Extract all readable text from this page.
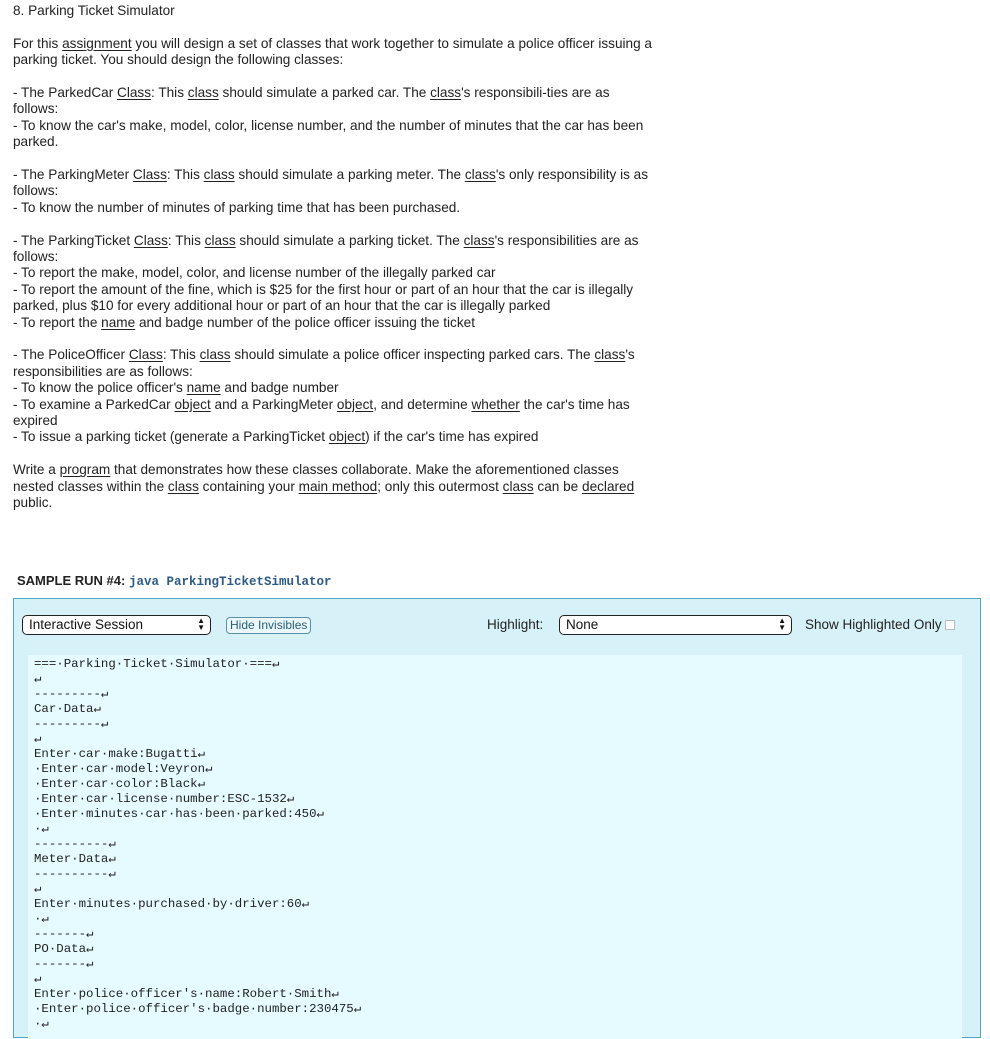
8. Parking Ticket Simulator

For this assignment you will design a set of classes that work together to simulate a police officer issuing a parking ticket. You should design the following classes:

- The ParkedCar Class: This class should simulate a parked car. The class's responsibili-ties are as follows:
- To know the car's make, model, color, license number, and the number of minutes that the car has been parked.

- The ParkingMeter Class: This class should simulate a parking meter. The class's only responsibility is as follows:
- To know the number of minutes of parking time that has been purchased.

- The ParkingTicket Class: This class should simulate a parking ticket. The class's responsibilities are as follows:
- To report the make, model, color, and license number of the illegally parked car
- To report the amount of the fine, which is $25 for the first hour or part of an hour that the car is illegally parked, plus $10 for every additional hour or part of an hour that the car is illegally parked
- To report the name and badge number of the police officer issuing the ticket

- The PoliceOfficer Class: This class should simulate a police officer inspecting parked cars. The class's responsibilities are as follows:
- To know the police officer's name and badge number
- To examine a ParkedCar object and a ParkingMeter object, and determine whether the car's time has expired
- To issue a parking ticket (generate a ParkingTicket object) if the car's time has expired

Write a program that demonstrates how these classes collaborate. Make the aforementioned classes nested classes within the class containing your main method; only this outermost class can be declared public.

SAMPLE RUN #4: java ParkingTicketSimulator
Interactive Session	▲
▼	Hide Invisibles	Highlight:	None	▲
▼ Show Highlighted Only
===·Parking·Ticket·Simulator·===↵
↵
---------↵
Car·Data↵
---------↵
↵
Enter·car·make:Bugatti↵
·Enter·car·model:Veyron↵
·Enter·car·color:Black↵
·Enter·car·license·number:ESC-1532↵
·Enter·minutes·car·has·been·parked:450↵
·↵
----------↵
Meter·Data↵
----------↵
↵
Enter·minutes·purchased·by·driver:60↵
·↵
-------↵
PO·Data↵
-------↵
↵
Enter·police·officer's·name:Robert·Smith↵
·Enter·police·officer's·badge·number:230475↵
·↵
